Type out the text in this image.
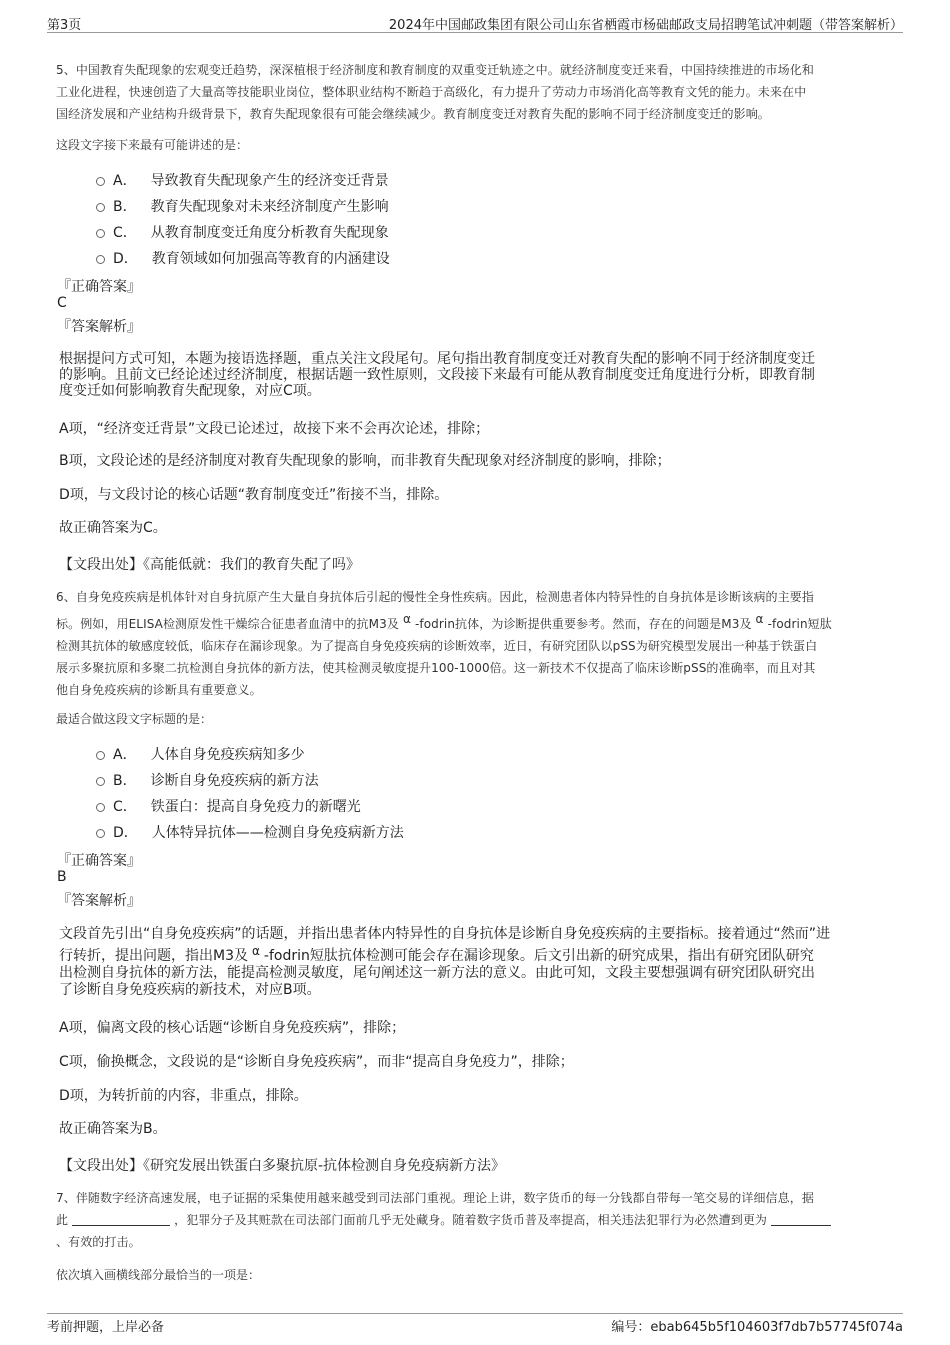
第3页	2024年中国邮政集团有限公司山东省栖霞市杨础邮政支局招聘笔试冲刺题（带答案解析）
5、中国教育失配现象的宏观变迁趋势，深深植根于经济制度和教育制度的双重变迁轨迹之中。就经济制度变迁来看，中国持续推进的市场化和
工业化进程，快速创造了大量高等技能职业岗位，整体职业结构不断趋于高级化，有力提升了劳动力市场消化高等教育文凭的能力。未来在中
国经济发展和产业结构升级背景下，教育失配现象很有可能会继续减少。教育制度变迁对教育失配的影响不同于经济制度变迁的影响。
这段文字接下来最有可能讲述的是：
A． 导致教育失配现象产生的经济变迁背景
B． 教育失配现象对未来经济制度产生影响
C． 从教育制度变迁角度分析教育失配现象
D． 教育领域如何加强高等教育的内涵建设
『正确答案』
C
『答案解析』
根据提问方式可知，本题为接语选择题，重点关注文段尾句。尾句指出教育制度变迁对教育失配的影响不同于经济制度变迁
的影响。且前文已经论述过经济制度，根据话题一致性原则，文段接下来最有可能从教育制度变迁角度进行分析，即教育制
度变迁如何影响教育失配现象，对应C项。
A项，“经济变迁背景”文段已论述过，故接下来不会再次论述，排除；
B项，文段论述的是经济制度对教育失配现象的影响，而非教育失配现象对经济制度的影响，排除；
D项，与文段讨论的核心话题“教育制度变迁”衔接不当，排除。
故正确答案为C。
【文段出处】《高能低就：我们的教育失配了吗》
6、自身免疫疾病是机体针对自身抗原产生大量自身抗体后引起的慢性全身性疾病。因此，检测患者体内特异性的自身抗体是诊断该病的主要指
标。例如，用ELISA检测原发性干燥综合征患者血清中的抗M3及 α -fodrin抗体，为诊断提供重要参考。然而，存在的问题是M3及 α -fodrin短肽
检测其抗体的敏感度较低，临床存在漏诊现象。为了提高自身免疫疾病的诊断效率，近日，有研究团队以pSS为研究模型发展出一种基于铁蛋白
展示多聚抗原和多聚二抗检测自身抗体的新方法，使其检测灵敏度提升100-1000倍。这一新技术不仅提高了临床诊断pSS的准确率，而且对其
他自身免疫疾病的诊断具有重要意义。
最适合做这段文字标题的是：
A． 人体自身免疫疾病知多少
B． 诊断自身免疫疾病的新方法
C． 铁蛋白：提高自身免疫力的新曙光
D． 人体特异抗体——检测自身免疫病新方法
『正确答案』
B
『答案解析』
文段首先引出“自身免疫疾病”的话题，并指出患者体内特异性的自身抗体是诊断自身免疫疾病的主要指标。接着通过“然而”进
行转折，提出问题，指出M3及 α -fodrin短肽抗体检测可能会存在漏诊现象。后文引出新的研究成果，指出有研究团队研究
出检测自身抗体的新方法，能提高检测灵敏度，尾句阐述这一新方法的意义。由此可知，文段主要想强调有研究团队研究出
了诊断自身免疫疾病的新技术，对应B项。
A项，偏离文段的核心话题“诊断自身免疫疾病”，排除；
C项，偷换概念，文段说的是“诊断自身免疫疾病”，而非“提高自身免疫力”，排除；
D项，为转折前的内容，非重点，排除。
故正确答案为B。
【文段出处】《研究发展出铁蛋白多聚抗原-抗体检测自身免疫病新方法》
7、伴随数字经济高速发展，电子证据的采集使用越来越受到司法部门重视。理论上讲，数字货币的每一分钱都自带每一笔交易的详细信息，据
此	，犯罪分子及其赃款在司法部门面前几乎无处藏身。随着数字货币普及率提高，相关违法犯罪行为必然遭到更为
、有效的打击。
依次填入画横线部分最恰当的一项是：
考前押题，上岸必备	编号：ebab645b5f104603f7db7b57745f074a
